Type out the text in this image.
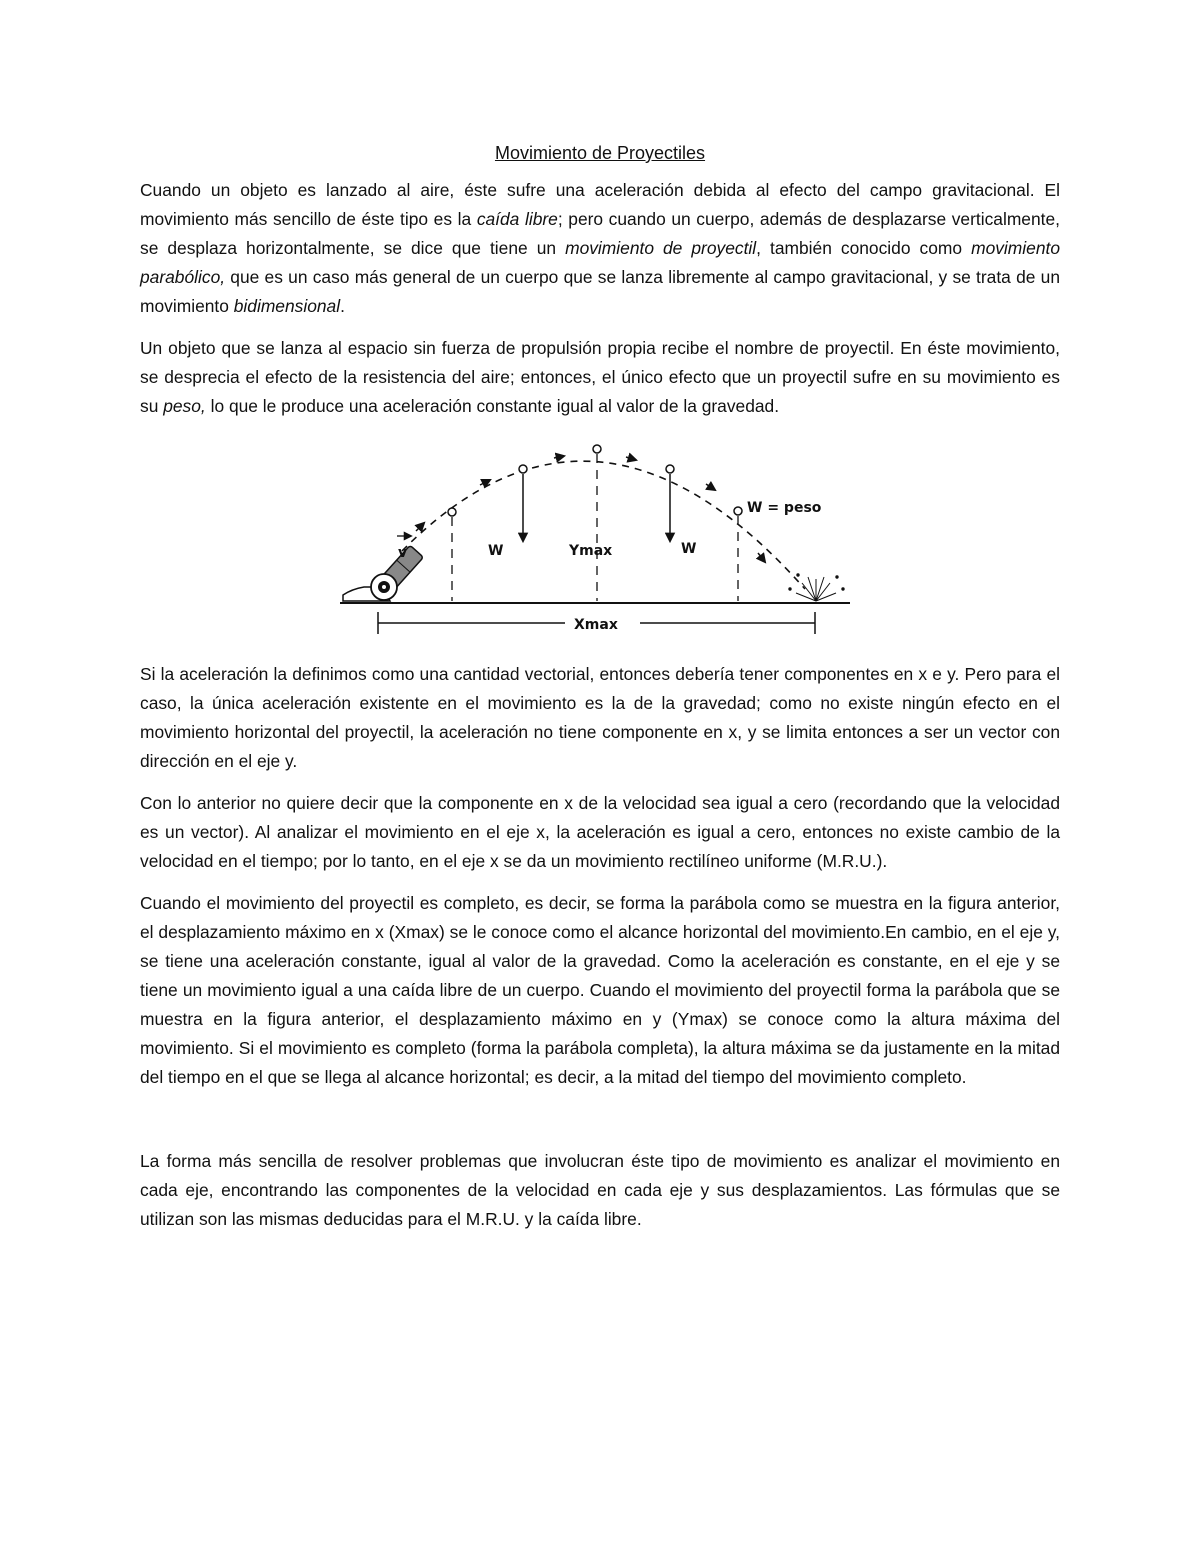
Movimiento de Proyectiles

Cuando un objeto es lanzado al aire, éste sufre una aceleración debida al efecto del campo gravitacional. El movimiento más sencillo de éste tipo es la caída libre; pero cuando un cuerpo, además de desplazarse verticalmente, se desplaza horizontalmente, se dice que tiene un movimiento de proyectil, también conocido como movimiento parabólico, que es un caso más general de un cuerpo que se lanza libremente al campo gravitacional, y se trata de un movimiento bidimensional.

Un objeto que se lanza al espacio sin fuerza de propulsión propia recibe el nombre de proyectil. En éste movimiento, se desprecia el efecto de la resistencia del aire; entonces, el único efecto que un proyectil sufre en su movimiento es su peso, lo que le produce una aceleración constante igual al valor de la gravedad.

v	W	Ymax	W
W = peso
Xmax

Si la aceleración la definimos como una cantidad vectorial, entonces debería tener componentes en x e y. Pero para el caso, la única aceleración existente en el movimiento es la de la gravedad; como no existe ningún efecto en el movimiento horizontal del proyectil, la aceleración no tiene componente en x, y se limita entonces a ser un vector con dirección en el eje y.

Con lo anterior no quiere decir que la componente en x de la velocidad sea igual a cero (recordando que la velocidad es un vector). Al analizar el movimiento en el eje x, la aceleración es igual a cero, entonces no existe cambio de la velocidad en el tiempo; por lo tanto, en el eje x se da un movimiento rectilíneo uniforme (M.R.U.).

Cuando el movimiento del proyectil es completo, es decir, se forma la parábola como se muestra en la figura anterior, el desplazamiento máximo en x (Xmax) se le conoce como el alcance horizontal del movimiento.En cambio, en el eje y, se tiene una aceleración constante, igual al valor de la gravedad. Como la aceleración es constante, en el eje y se tiene un movimiento igual a una caída libre de un cuerpo. Cuando el movimiento del proyectil forma la parábola que se muestra en la figura anterior, el desplazamiento máximo en y (Ymax) se conoce como la altura máxima del movimiento. Si el movimiento es completo (forma la parábola completa), la altura máxima se da justamente en la mitad del tiempo en el que se llega al alcance horizontal; es decir, a la mitad del tiempo del movimiento completo.

La forma más sencilla de resolver problemas que involucran éste tipo de movimiento es analizar el movimiento en cada eje, encontrando las componentes de la velocidad en cada eje y sus desplazamientos. Las fórmulas que se utilizan son las mismas deducidas para el M.R.U. y la caída libre.
